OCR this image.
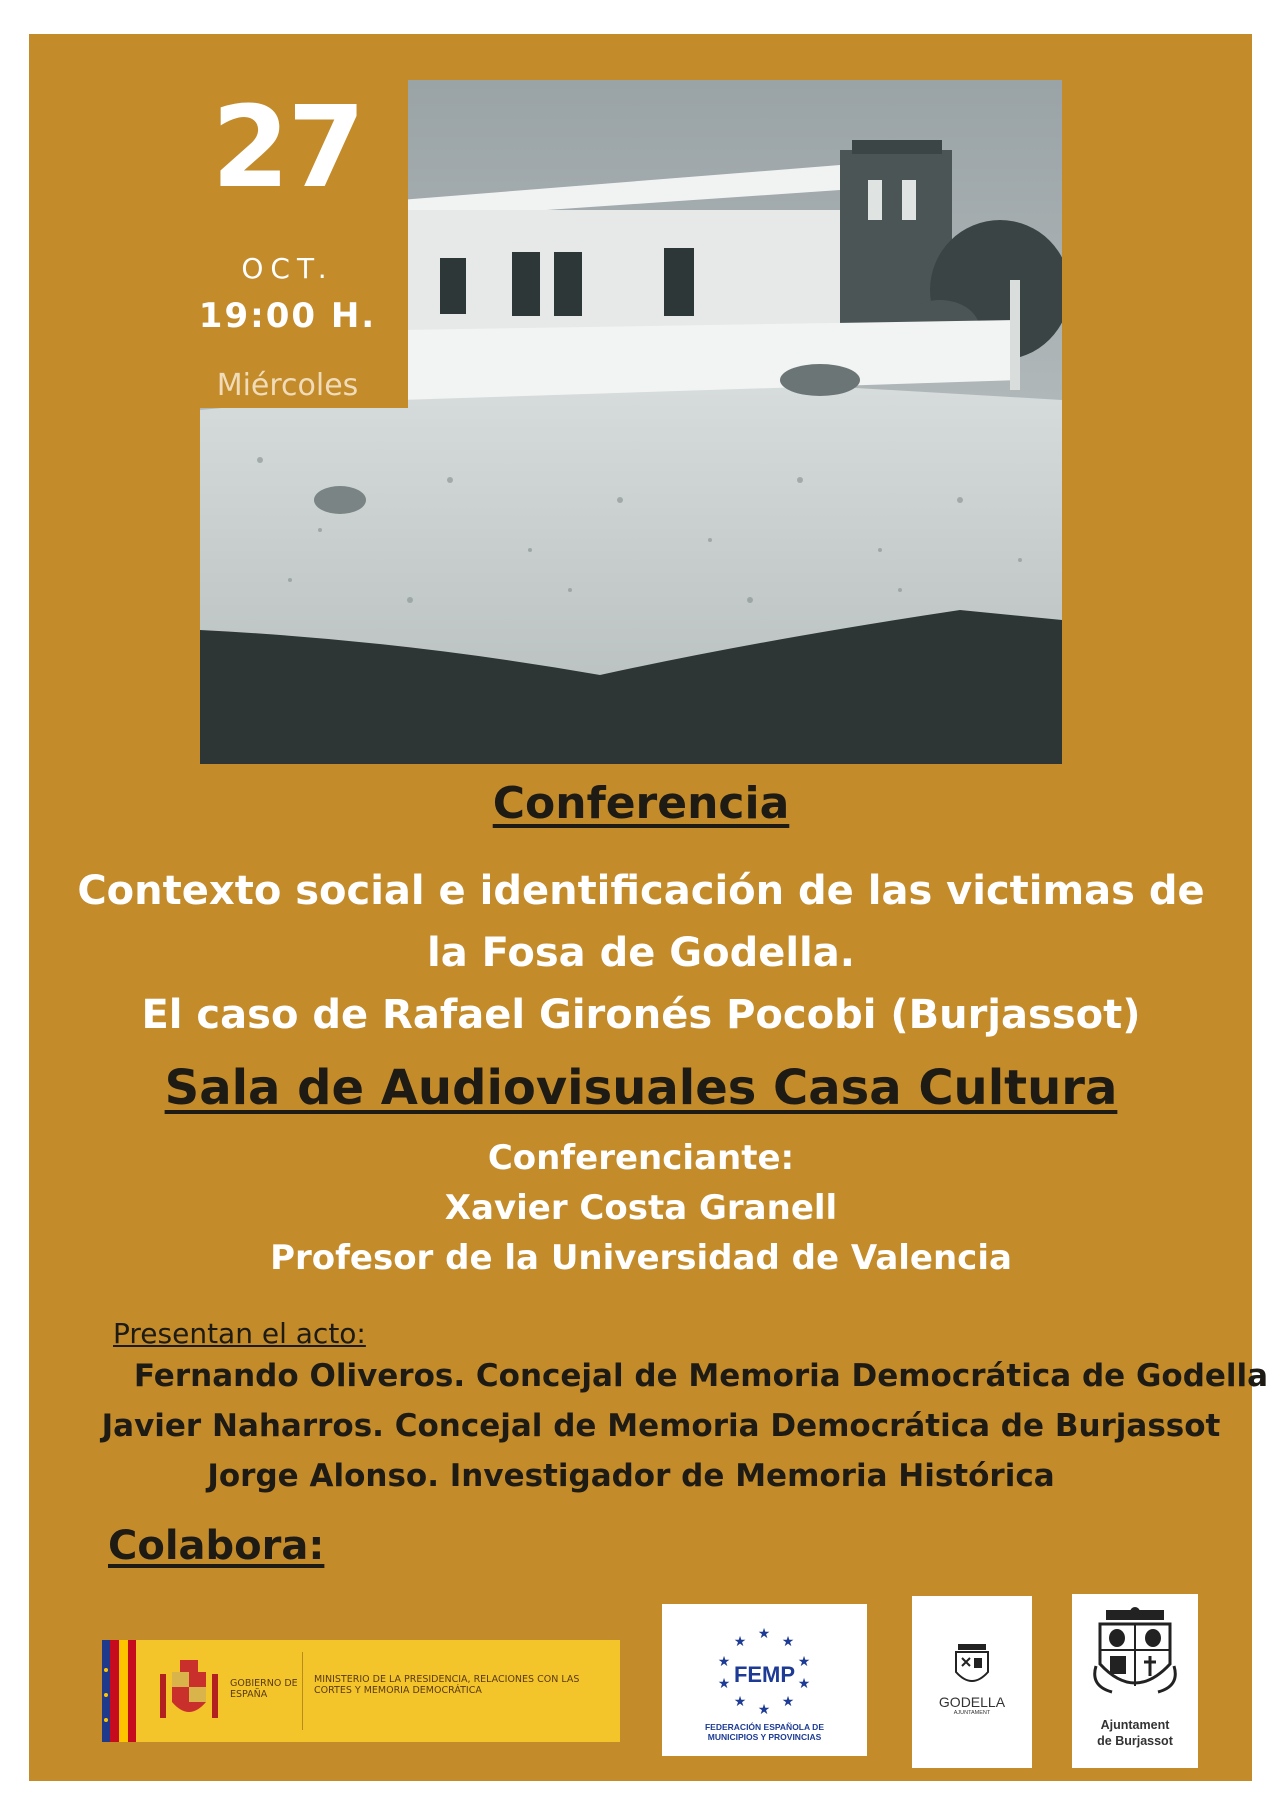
27
OCT.
19:00 H.
Miércoles
Conferencia
Contexto social e identificación de las victimas de
la Fosa de Godella.
El caso de Rafael Gironés Pocobi (Burjassot)
Sala de Audiovisuales Casa Cultura
Conferenciante:
Xavier Costa Granell
Profesor de la Universidad de Valencia
Presentan el acto:
Fernando Oliveros. Concejal de Memoria Democrática de Godella
Javier Naharros. Concejal de Memoria Democrática de Burjassot
Jorge Alonso. Investigador de Memoria Histórica
Colabora:
GOBIERNO DE ESPAÑA
MINISTERIO DE LA PRESIDENCIA, RELACIONES CON LAS CORTES Y MEMORIA DEMOCRÁTICA
★
★	★
★	★
★	★
★	★
★
FEMP
FEDERACIÓN ESPAÑOLA DE MUNICIPIOS Y PROVINCIAS
GODELLA
AJUNTAMENT
Ajuntament
de Burjassot
